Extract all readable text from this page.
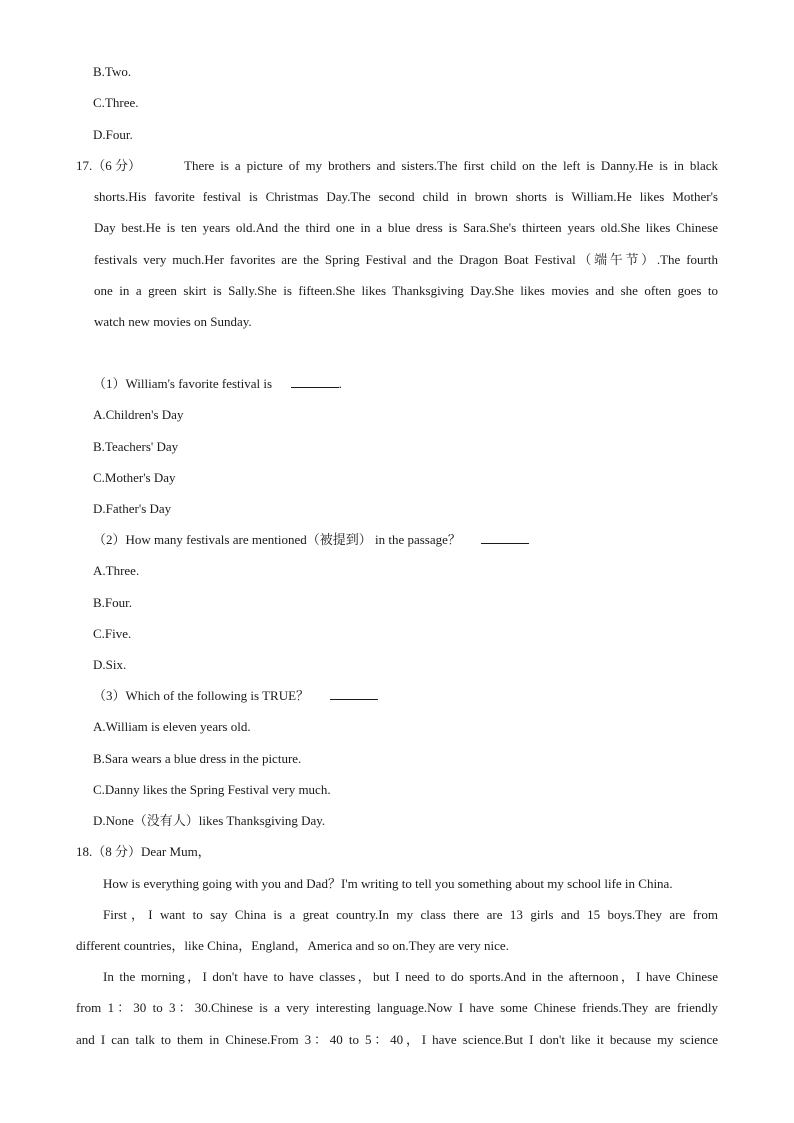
B.Two.
C.Three.
D.Four.
17.（6 分）	There is a picture of my brothers and sisters.The first child on the left is Danny.He is in black
shorts.His favorite festival is Christmas Day.The second child in brown shorts is William.He likes Mother's
Day best.He is ten years old.And the third one in a blue dress is Sara.She's thirteen years old.She likes Chinese
festivals very much.Her favorites are the Spring Festival and the Dragon Boat Festival（端午节）.The fourth
one in a green skirt is Sally.She is fifteen.She likes Thanksgiving Day.She likes movies and she often goes to
watch new movies on Sunday.
（1）William's favorite festival is	.
A.Children's Day
B.Teachers' Day
C.Mother's Day
D.Father's Day
（2）How many festivals are mentioned（被提到） in the passage？
A.Three.
B.Four.
C.Five.
D.Six.
（3）Which of the following is TRUE？
A.William is eleven years old.
B.Sara wears a blue dress in the picture.
C.Danny likes the Spring Festival very much.
D.None（没有人）likes Thanksgiving Day.
18.（8 分）Dear Mum，
How is everything going with you and Dad？I'm writing to tell you something about my school life in China.
First，I want to say China is a great country.In my class there are 13 girls and 15 boys.They are from
different countries，like China，England，America and so on.They are very nice.
In the morning，I don't have to have classes，but I need to do sports.And in the afternoon，I have Chinese
from 1：30 to 3：30.Chinese is a very interesting language.Now I have some Chinese friends.They are friendly
and I can talk to them in Chinese.From 3：40 to 5：40，I have science.But I don't like it because my science
